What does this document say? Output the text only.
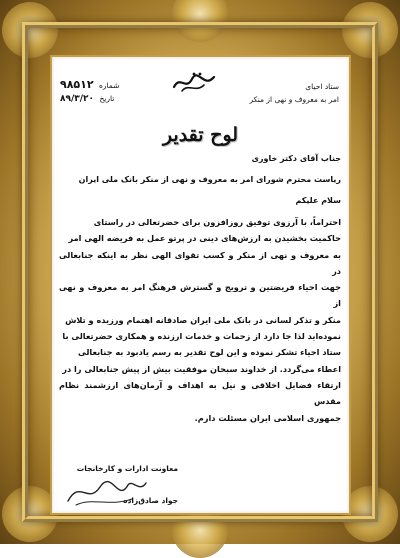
شماره ۹۸۵۱۲
تاریخ ۸۹/۳/۲۰
ستاد احیای
امر به معروف و نهی از منکر
لوح تقدیر
جناب آقای دکتر خاوری
ریاست محترم شورای امر به معروف و نهی از منکر بانک ملی ایران
سلام علیکم

احتراماً، با آرزوی توفیق روزافزون برای حضرتعالی در راستای

حاکمیت بخشیدن به ارزش‌های دینی در پرتو عمل به فریضه الهی امر

به معروف و نهی از منکر و کسب تقوای الهی نظر به اینکه جنابعالی در

جهت احیاء فریضتین و ترویج و گسترش فرهنگ امر به معروف و نهی از

منکر و تذکر لسانی در بانک ملی ایران صادقانه اهتمام ورزیده و تلاش

نموده‌اید لذا جا دارد از زحمات و خدمات ارزنده و همکاری حضرتعالی با

ستاد احیاء تشکر نموده و این لوح تقدیر به رسم یادبود به جنابعالی

اعطاء می‌گردد. از خداوند سبحان موفقیت بیش از پیش جنابعالی را در

ارتقاء فضایل اخلاقی و نیل به اهداف و آرمان‌های ارزشمند نظام مقدس

جمهوری اسلامی ایران مسئلت دارم.

معاونت ادارات و کارخانجات
جواد صادق‌زاده
